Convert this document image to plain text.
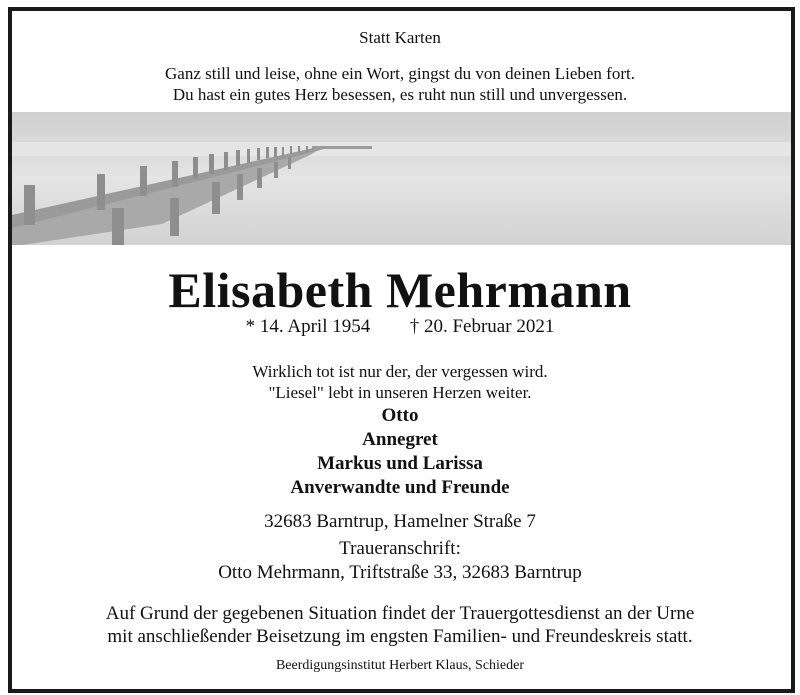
Statt Karten
Ganz still und leise, ohne ein Wort, gingst du von deinen Lieben fort.
Du hast ein gutes Herz besessen, es ruht nun still und unvergessen.
Elisabeth Mehrmann
* 14. April 1954 † 20. Februar 2021
Wirklich tot ist nur der, der vergessen wird.
"Liesel" lebt in unseren Herzen weiter.
Otto
Annegret
Markus und Larissa
Anverwandte und Freunde
32683 Barntrup, Hamelner Straße 7
Traueranschrift:
Otto Mehrmann, Triftstraße 33, 32683 Barntrup
Auf Grund der gegebenen Situation findet der Trauergottesdienst an der Urne
mit anschließender Beisetzung im engsten Familien- und Freundeskreis statt.
Beerdigungsinstitut Herbert Klaus, Schieder
